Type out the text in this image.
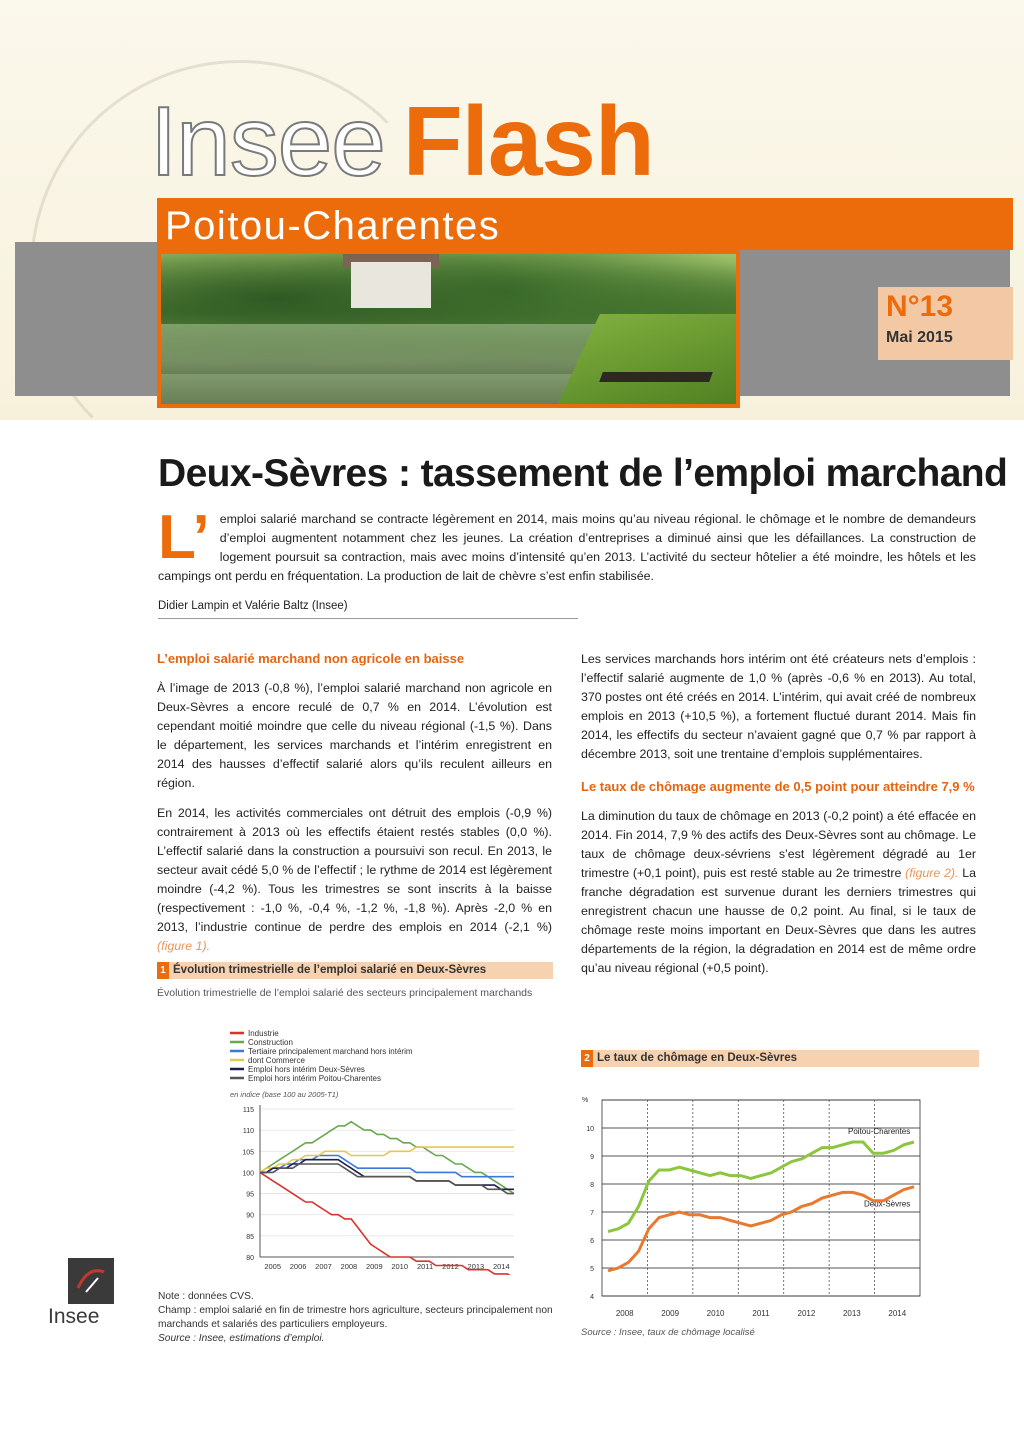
Insee Flash
Poitou-Charentes
N°13
Mai 2015
Deux-Sèvres : tassement de l’emploi marchand
L’ emploi salarié marchand se contracte légèrement en 2014, mais moins qu’au niveau régional. le chômage et le nombre de demandeurs d’emploi augmentent notamment chez les jeunes. La création d’entreprises a diminué ainsi que les défaillances. La construction de logement poursuit sa contraction, mais avec moins d’intensité qu’en 2013. L’activité du secteur hôtelier a été moindre, les hôtels et les campings ont perdu en fréquentation. La production de lait de chèvre s’est enfin stabilisée.
Didier Lampin et Valérie Baltz (Insee)

L’emploi salarié marchand non agricole en baisse

À l’image de 2013 (-0,8 %), l’emploi salarié marchand non agricole en Deux-Sèvres a encore reculé de 0,7 % en 2014. L’évolution est cependant moitié moindre que celle du niveau régional (-1,5 %). Dans le département, les services marchands et l’intérim enregistrent en 2014 des hausses d’effectif salarié alors qu’ils reculent ailleurs en région.

En 2014, les activités commerciales ont détruit des emplois (-0,9 %) contrairement à 2013 où les effectifs étaient restés stables (0,0 %). L’effectif salarié dans la construction a poursuivi son recul. En 2013, le secteur avait cédé 5,0 % de l’effectif ; le rythme de 2014 est légèrement moindre (-4,2 %). Tous les trimestres se sont inscrits à la baisse (respectivement : -1,0 %, -0,4 %, -1,2 %, -1,8 %). Après -2,0 % en 2013, l’industrie continue de perdre des emplois en 2014 (-2,1 %) (figure 1).

Les services marchands hors intérim ont été créateurs nets d’emplois : l’effectif salarié augmente de 1,0 % (après -0,6 % en 2013). Au total, 370 postes ont été créés en 2014. L’intérim, qui avait créé de nombreux emplois en 2013 (+10,5 %), a fortement fluctué durant 2014. Mais fin 2014, les effectifs du secteur n’avaient gagné que 0,7 % par rapport à décembre 2013, soit une trentaine d’emplois supplémentaires.

Le taux de chômage augmente de 0,5 point pour atteindre 7,9 %

La diminution du taux de chômage en 2013 (-0,2 point) a été effacée en 2014. Fin 2014, 7,9 % des actifs des Deux-Sèvres sont au chômage. Le taux de chômage deux-sévriens s’est légèrement dégradé au 1er trimestre (+0,1 point), puis est resté stable au 2e trimestre (figure 2). La franche dégradation est survenue durant les derniers trimestres qui enregistrent chacun une hausse de 0,2 point. Au final, si le taux de chômage reste moins important en Deux-Sèvres que dans les autres départements de la région, la dégradation en 2014 est de même ordre qu’au niveau régional (+0,5 point).

1 Évolution trimestrielle de l’emploi salarié en Deux-Sèvres
Évolution trimestrielle de l’emploi salarié des secteurs principalement marchands
Industrie
Construction
Tertiaire principalement marchand hors intérim
dont Commerce
Emploi hors intérim Deux-Sèvres
Emploi hors intérim Poitou-Charentes
en indice (base 100 au 2005-T1)
80
85
90
95
100
105
110
115
2005 2006 2007 2008 2009 2010 2011 2012 2013 2014
Note : données CVS.
Champ : emploi salarié en fin de trimestre hors agriculture, secteurs principalement non marchands et salariés des particuliers employeurs.
Source : Insee, estimations d’emploi.
2 Le taux de chômage en Deux-Sèvres
%
4
5
6
7
8
9
10
2008	2009	2010	2011	2012	2013	2014
Poitou-Charentes
Deux-Sèvres
Source : Insee, taux de chômage localisé
Insee
